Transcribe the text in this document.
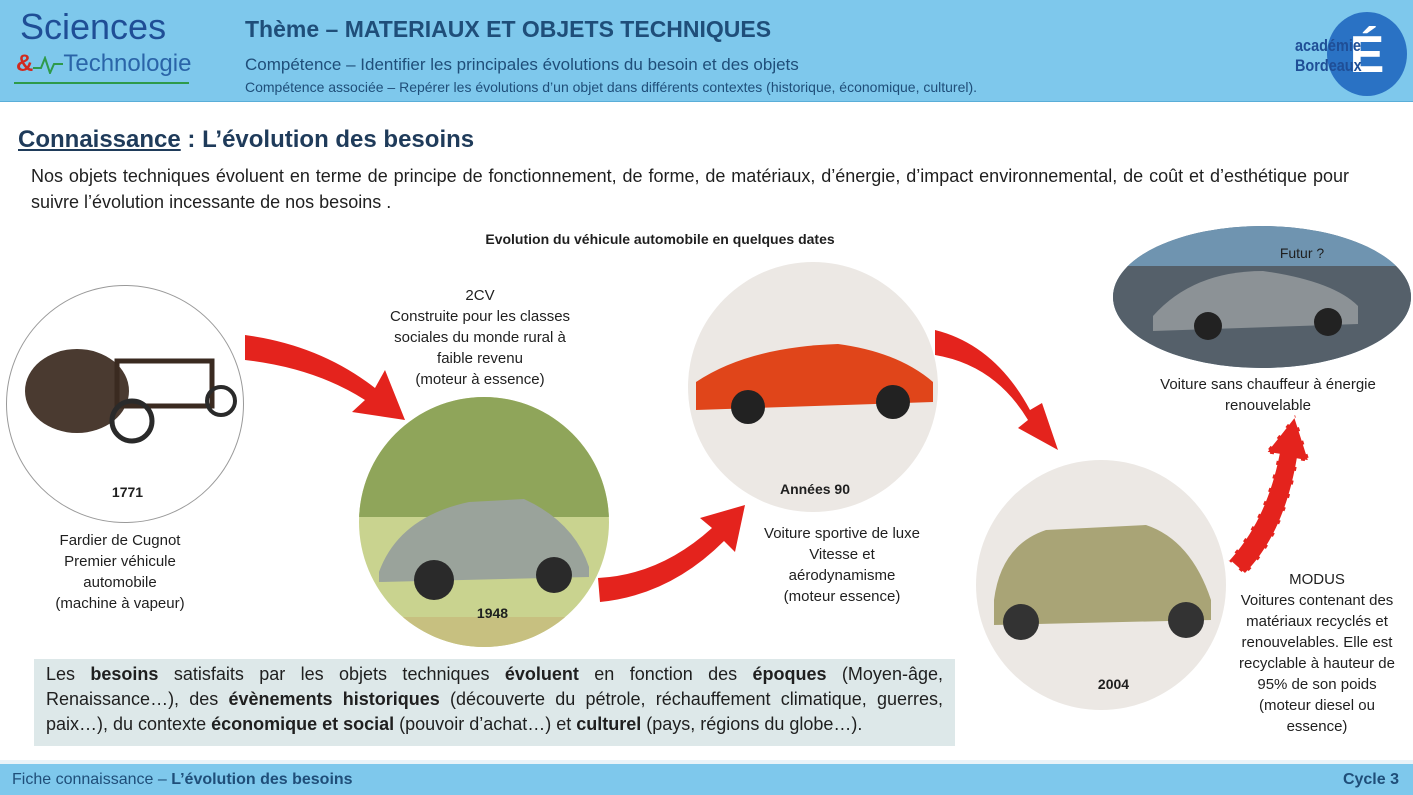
Sciences
& Technologie
Thème – MATERIAUX ET OBJETS TECHNIQUES
Compétence – Identifier les principales évolutions du besoin et des objets
Compétence associée – Repérer les évolutions d’un objet dans différents contextes (historique, économique, culturel).
É
académie
Bordeaux
Connaissance : L’évolution des besoins
Nos objets techniques évoluent en terme de principe de fonctionnement, de forme, de matériaux, d’énergie, d’impact environnemental, de coût et d’esthétique pour suivre l’évolution incessante de nos besoins .
Evolution du véhicule automobile en quelques dates
1771
Fardier de Cugnot
Premier véhicule
automobile
(machine à vapeur)
2CV
Construite pour les classes
sociales du monde rural à
faible revenu
(moteur à essence)
1948
Années 90
Voiture sportive de luxe
Vitesse et
aérodynamisme
(moteur essence)
2004
MODUS
Voitures contenant des
matériaux recyclés et
renouvelables. Elle est
recyclable à hauteur de
95% de son poids
(moteur diesel ou
essence)
Futur ?
Voiture sans chauffeur à énergie
renouvelable
Les besoins satisfaits par les objets techniques évoluent en fonction des époques (Moyen-âge, Renaissance…), des évènements historiques (découverte du pétrole, réchauffement climatique, guerres, paix…), du contexte économique et social (pouvoir d’achat…) et culturel (pays, régions du globe…).
Fiche connaissance – L’évolution des besoins	Cycle 3
